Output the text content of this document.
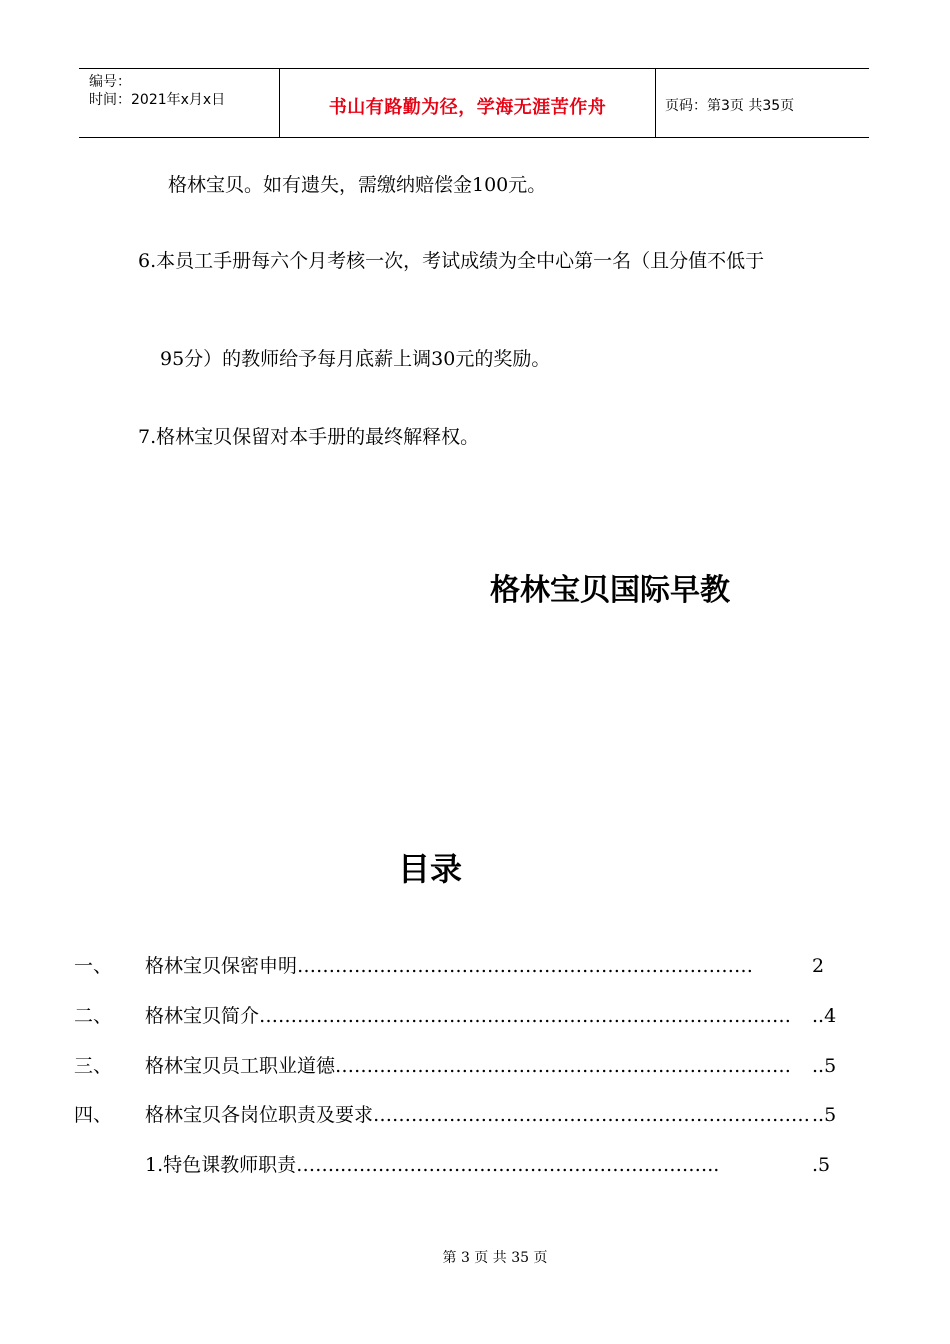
编号：
时间：2021年x月x日	书山有路勤为径，学海无涯苦作舟	页码：第3页 共35页
格林宝贝。如有遗失，需缴纳赔偿金100元。
6.本员工手册每六个月考核一次，考试成绩为全中心第一名（且分值不低于
95分）的教师给予每月底薪上调30元的奖励。
7.格林宝贝保留对本手册的最终解释权。
格林宝贝国际早教
目录
一、 格林宝贝保密申明………………………………………………………………	2
二、 格林宝贝简介…………………………………………………………………………	..4
三、 格林宝贝员工职业道德………………………………………………………………	..5
四、 格林宝贝各岗位职责及要求…………………………………………………………… ..5
1.特色课教师职责……..…………………………………………………..	.5
第 3 页 共 35 页
